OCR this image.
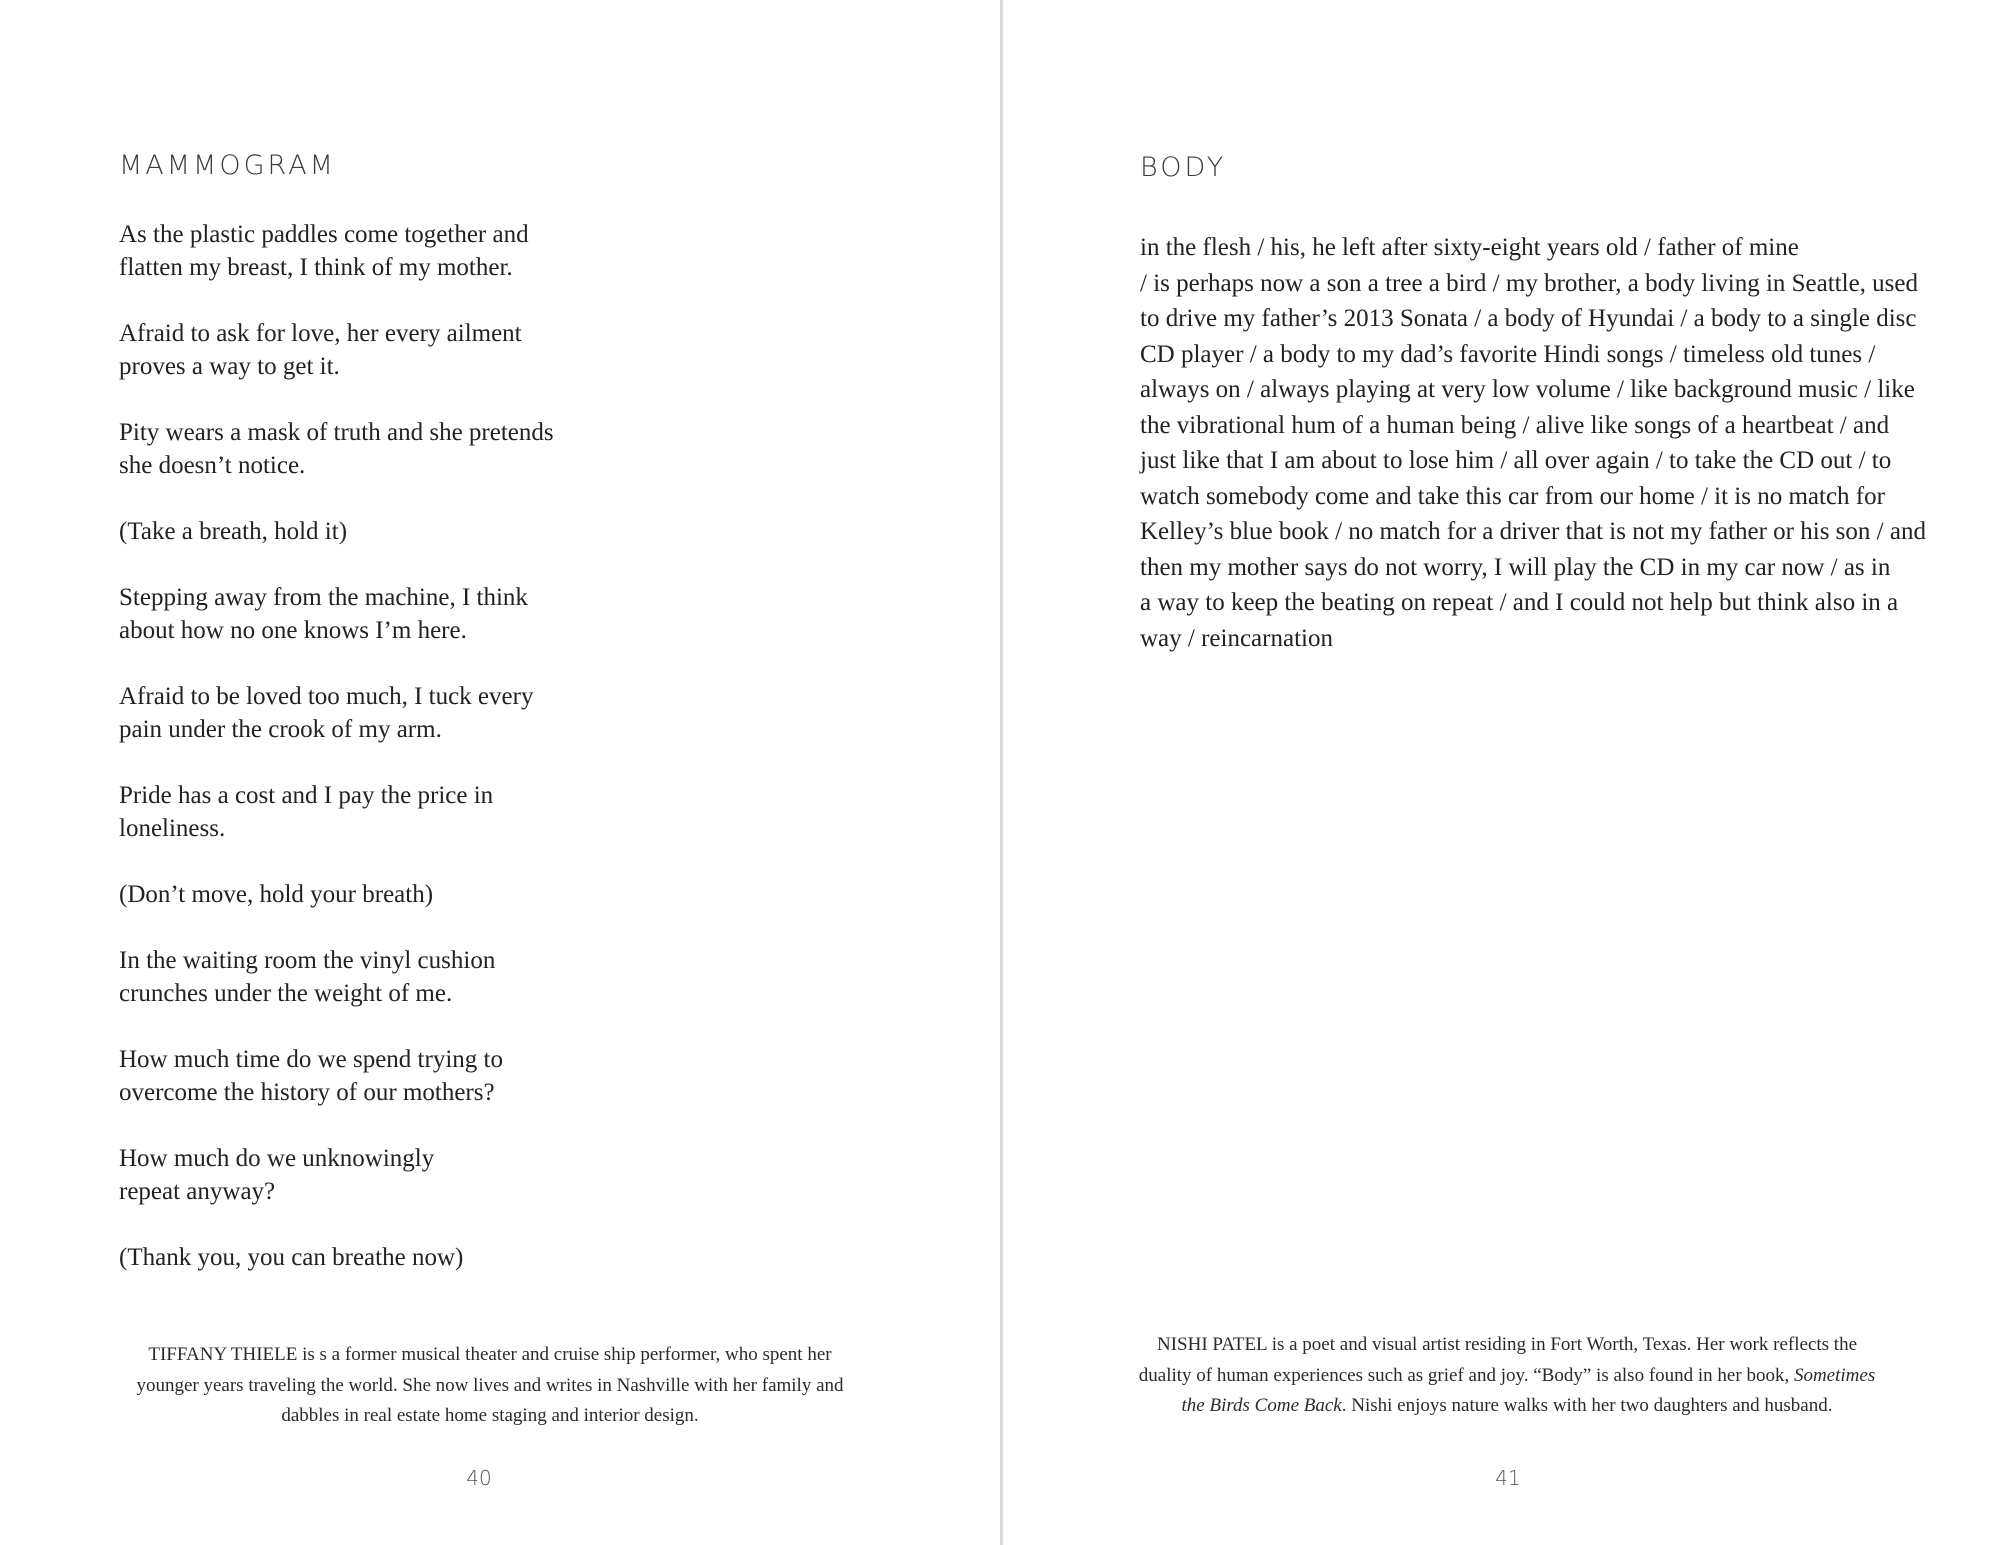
MAMMOGRAM

As the plastic paddles come together and
flatten my breast, I think of my mother.

Afraid to ask for love, her every ailment
proves a way to get it.

Pity wears a mask of truth and she pretends
she doesn’t notice.

(Take a breath, hold it)

Stepping away from the machine, I think
about how no one knows I’m here.

Afraid to be loved too much, I tuck every
pain under the crook of my arm.

Pride has a cost and I pay the price in
loneliness.

(Don’t move, hold your breath)

In the waiting room the vinyl cushion
crunches under the weight of me.

How much time do we spend trying to
overcome the history of our mothers?

How much do we unknowingly
repeat anyway?

(Thank you, you can breathe now)

TIFFANY THIELE is s a former musical theater and cruise ship performer, who spent her
younger years traveling the world. She now lives and writes in Nashville with her family and
dabbles in real estate home staging and interior design.
40
BODY
in the flesh / his, he left after sixty-eight years old / father of mine
/ is perhaps now a son a tree a bird / my brother, a body living in Seattle, used
to drive my father’s 2013 Sonata / a body of Hyundai / a body to a single disc
CD player / a body to my dad’s favorite Hindi songs / timeless old tunes /
always on / always playing at very low volume / like background music / like
the vibrational hum of a human being / alive like songs of a heartbeat / and
just like that I am about to lose him / all over again / to take the CD out / to
watch somebody come and take this car from our home / it is no match for
Kelley’s blue book / no match for a driver that is not my father or his son / and
then my mother says do not worry, I will play the CD in my car now / as in
a way to keep the beating on repeat / and I could not help but think also in a
way / reincarnation
NISHI PATEL is a poet and visual artist residing in Fort Worth, Texas. Her work reflects the
duality of human experiences such as grief and joy. “Body” is also found in her book, Sometimes
the Birds Come Back. Nishi enjoys nature walks with her two daughters and husband.
41
